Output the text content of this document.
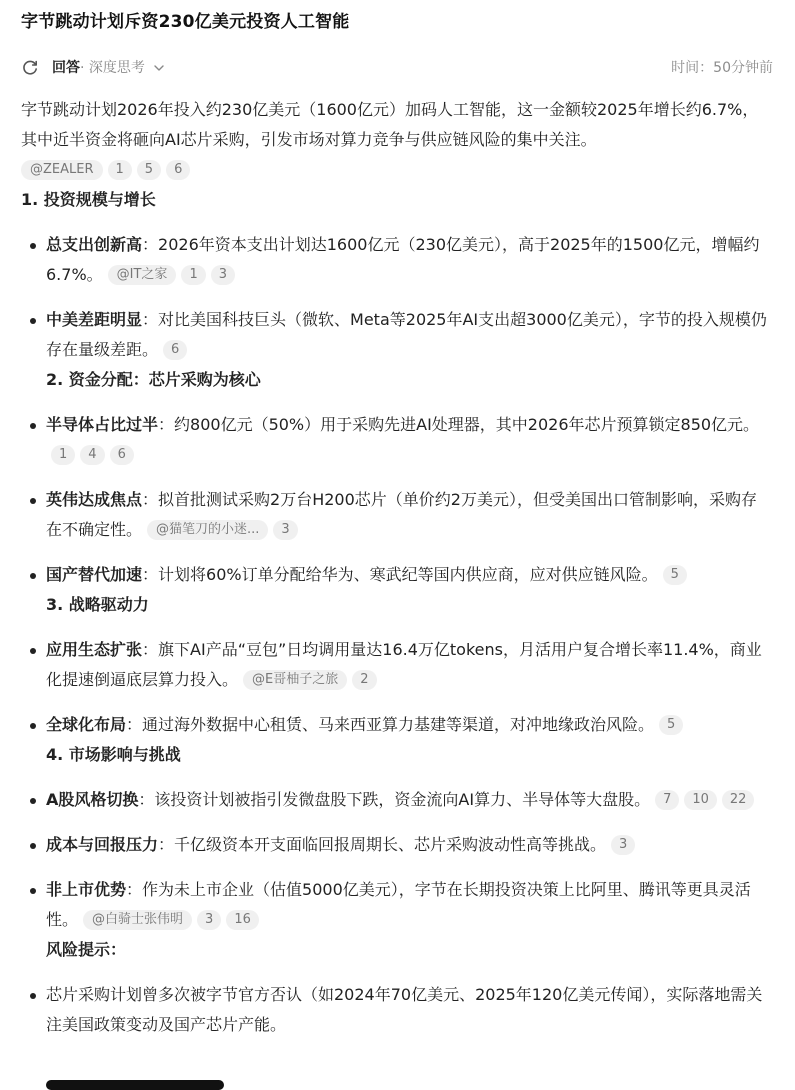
字节跳动计划斥资230亿美元投资人工智能
回答· 深度思考	时间：50分钟前

字节跳动计划2026年投入约230亿美元（1600亿元）加码人工智能，这一金额较2025年增长约6.7%，其中近半资金将砸向AI芯片采购，引发市场对算力竞争与供应链风险的集中关注。
@ZEALER 1 5 6

1. 投资规模与增长
总支出创新高：2026年资本支出计划达1600亿元（230亿美元），高于2025年的1500亿元，增幅约6.7%。 @IT之家 1 3
中美差距明显：对比美国科技巨头（微软、Meta等2025年AI支出超3000亿美元），字节的投入规模仍存在量级差距。 6
2. 资金分配：芯片采购为核心
半导体占比过半：约800亿元（50%）用于采购先进AI处理器，其中2026年芯片预算锁定850亿元。1 4 6
英伟达成焦点：拟首批测试采购2万台H200芯片（单价约2万美元），但受美国出口管制影响，采购存在不确定性。 @猫笔刀的小迷... 3
国产替代加速：计划将60%订单分配给华为、寒武纪等国内供应商，应对供应链风险。 5
3. 战略驱动力
应用生态扩张：旗下AI产品“豆包”日均调用量达16.4万亿tokens，月活用户复合增长率11.4%，商业化提速倒逼底层算力投入。 @E哥柚子之旅 2
全球化布局：通过海外数据中心租赁、马来西亚算力基建等渠道，对冲地缘政治风险。 5
4. 市场影响与挑战
A股风格切换：该投资计划被指引发微盘股下跌，资金流向AI算力、半导体等大盘股。 7 10 22
成本与回报压力：千亿级资本开支面临回报周期长、芯片采购波动性高等挑战。 3
非上市优势：作为未上市企业（估值5000亿美元），字节在长期投资决策上比阿里、腾讯等更具灵活性。 @白骑士张伟明 3 16
风险提示：
芯片采购计划曾多次被字节官方否认（如2024年70亿美元、2025年120亿美元传闻），实际落地需关注美国政策变动及国产芯片产能。
